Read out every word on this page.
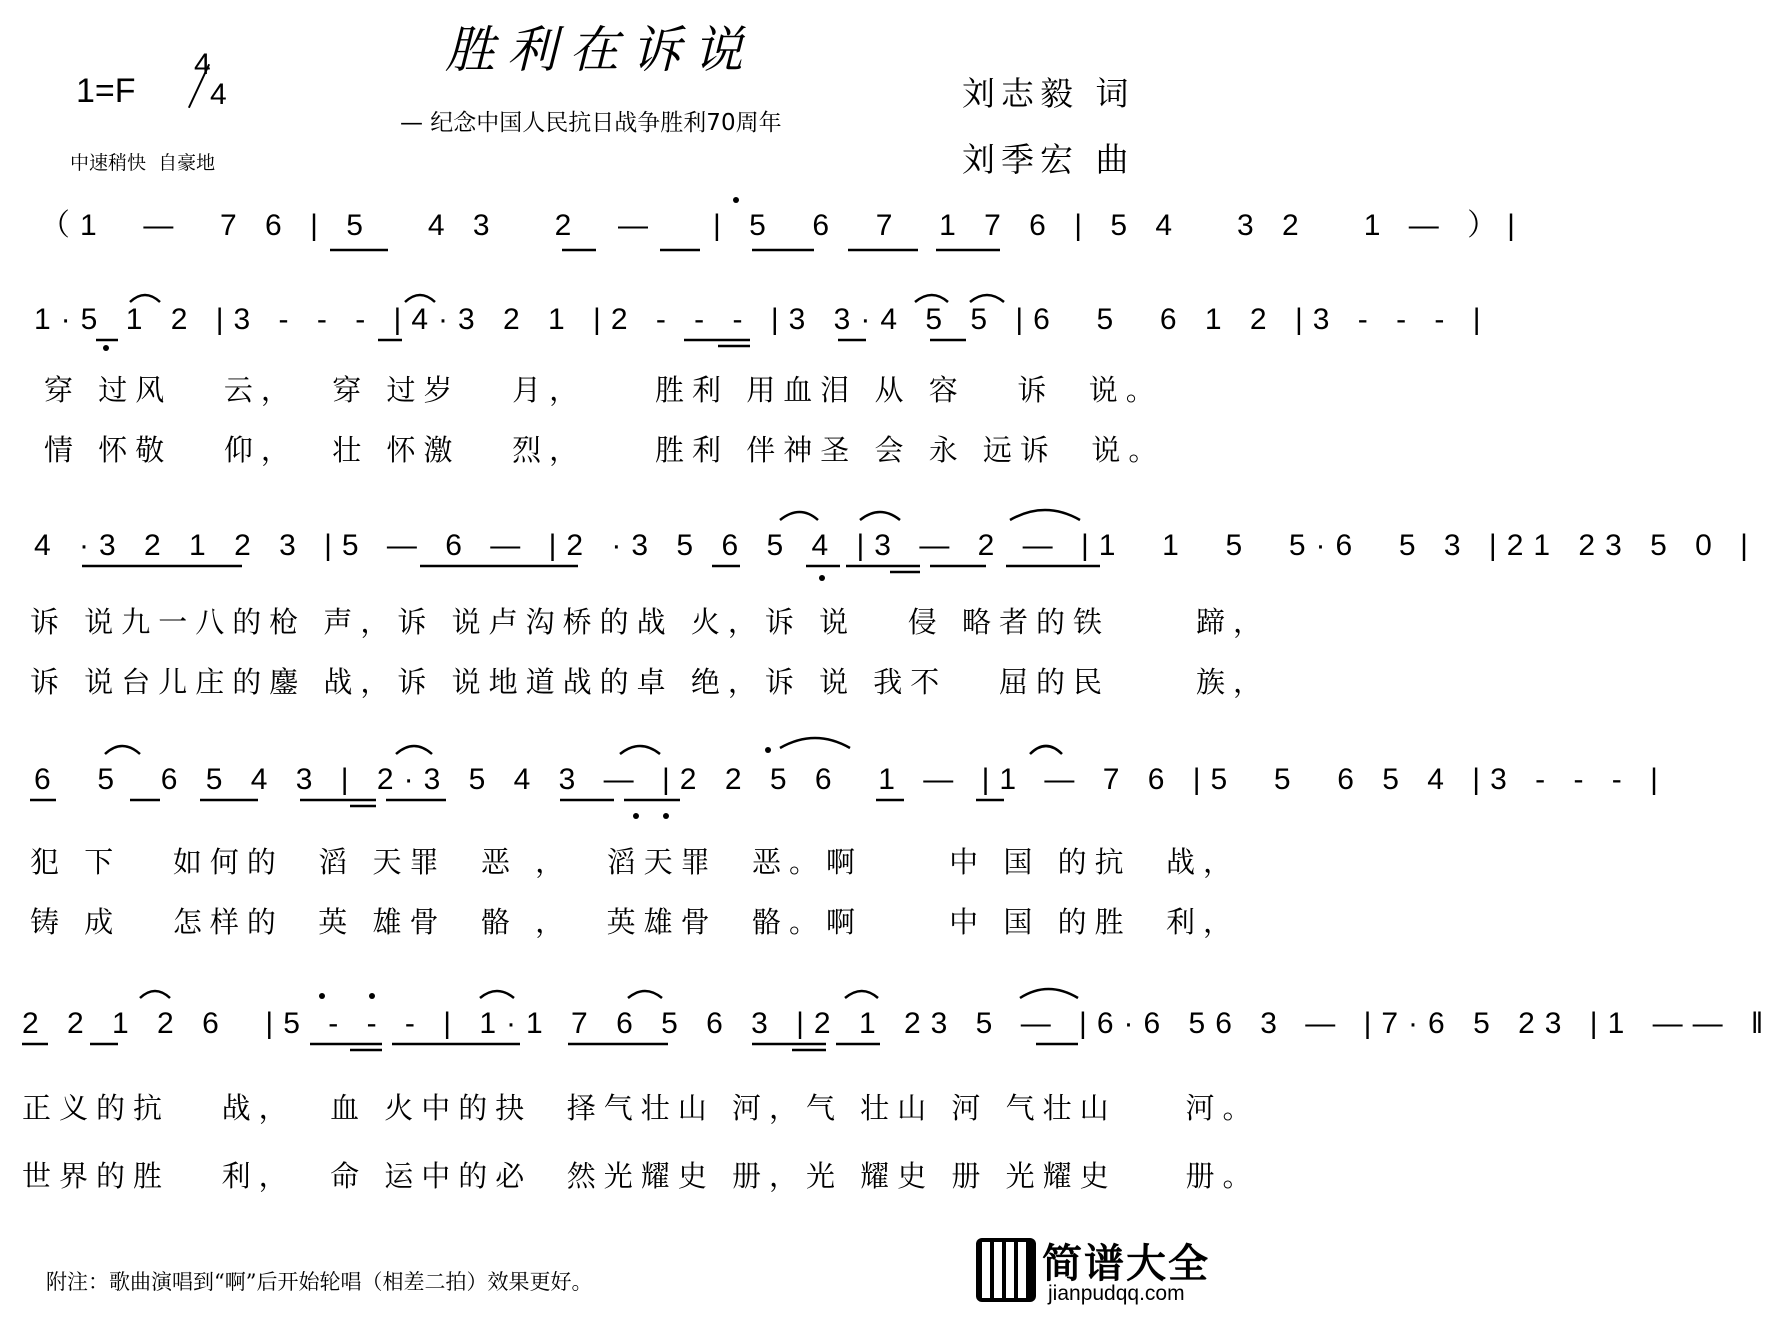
胜利在诉说
— 纪念中国人民抗日战争胜利70周年
1=F

4

4

中速稍快  自豪地
刘志毅 词
刘季宏 曲
（1  —  7 6 | 5   4 3   2  —   | 5  6  7  1 7 6 | 5 4   3 2   1 — ）|
1·5 1 2 |3 - - - |4·3 2 1 |2 - - - |3 3·4 5 5 |6  5  6 1 2 |3 - - - |
穿 过风   云，  穿 过岁   月，    胜利 用血泪 从 容   诉  说。
情 怀敬   仰，  壮 怀激   烈，    胜利 伴神圣 会 永 远诉  说。
4 ·3 2 1 2 3 |5 — 6 — |2 ·3 5 6 5 4 |3 — 2 — |1  1  5  5·6  5 3 |21 23 5 0 |
诉 说九一八的枪 声，诉 说卢沟桥的战 火，诉 说   侵 略者的铁     蹄，
诉 说台儿庄的鏖 战，诉 说地道战的卓 绝，诉 说 我不   屈的民     族，
6  5  6 5 4 3 | 2·3 5 4 3 — |2 2 5 6  1 — |1 — 7 6 |5  5  6 5 4 |3 - - - |
犯 下   如何的  滔 天罪  恶 ，  滔天罪  恶。啊     中 国 的抗  战，
铸 成   怎样的  英 雄骨  骼 ，  英雄骨  骼。啊     中 国 的胜  利，
2 2 1 2 6  |5 - - - | 1·1 7 6 5 6 3 |2 1 23 5 — |6·6 56 3 — |7·6 5 23 |1 —— ‖
正义的抗   战，  血 火中的抉  择气壮山 河，气 壮山 河 气壮山    河。
世界的胜   利，  命 运中的必  然光耀史 册，光 耀史 册 光耀史    册。
附注：歌曲演唱到“啊”后开始轮唱（相差二拍）效果更好。

	简谱大全

jianpudqq.com
